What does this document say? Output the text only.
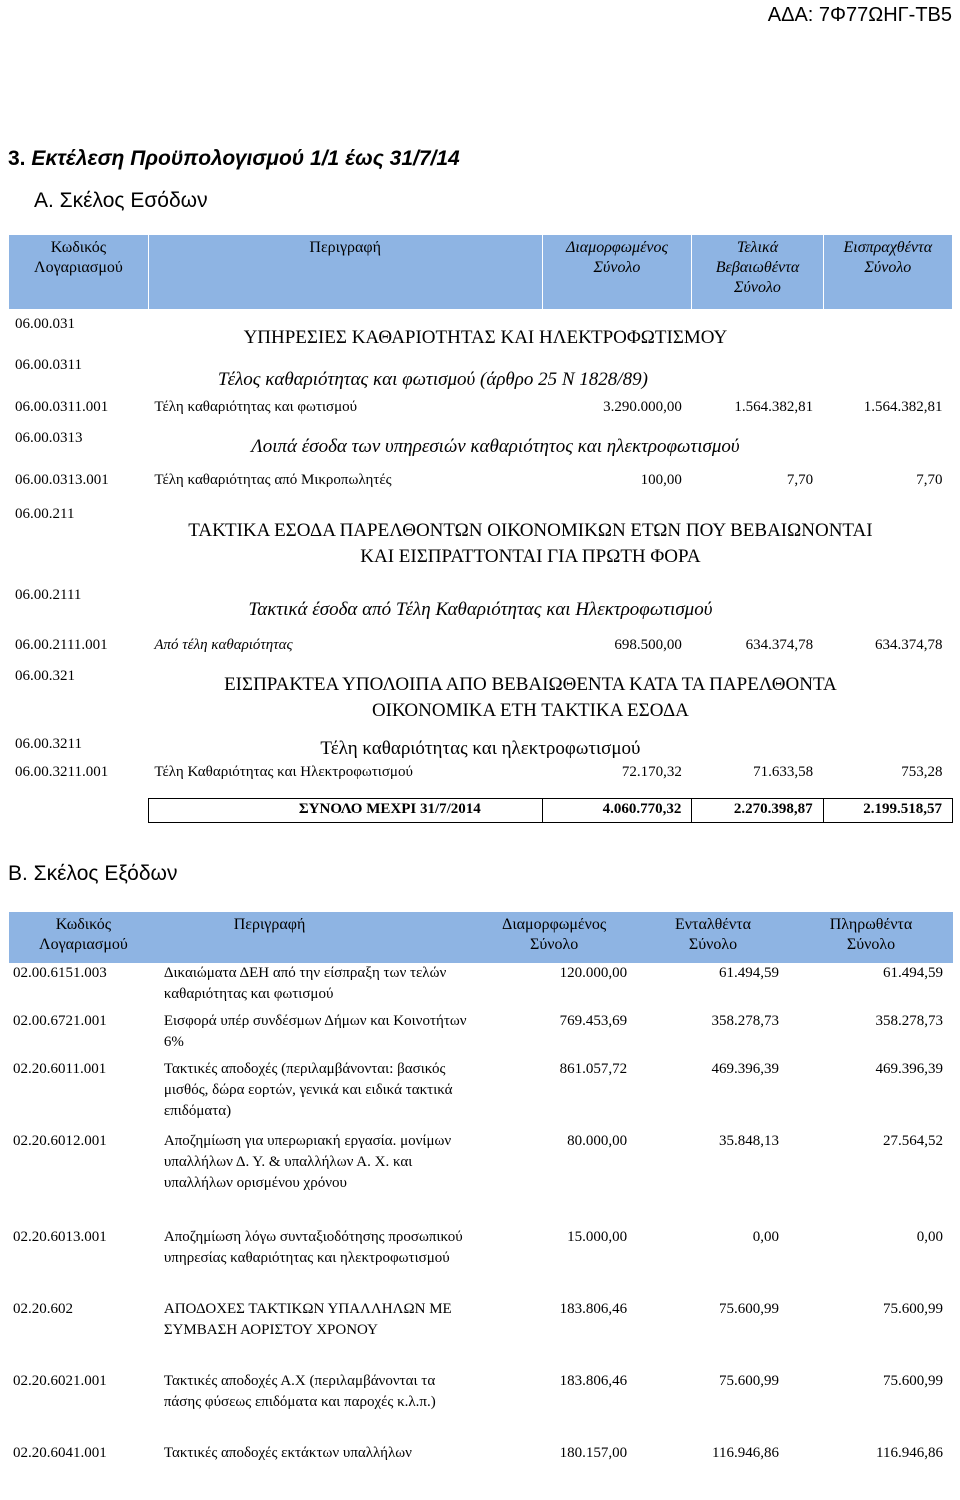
ΑΔΑ: 7Φ77ΩΗΓ-ΤΒ5
3. Εκτέλεση Προϋπολογισμού 1/1 έως 31/7/14
Α. Σκέλος Εσόδων
Κωδικός Λογαριασμού	Περιγραφή	Διαμορφωμένος Σύνολο	Τελικά Βεβαιωθέντα Σύνολο	Εισπραχθέντα Σύνολο
06.00.031	ΥΠΗΡΕΣΙΕΣ ΚΑΘΑΡΙΟΤΗΤΑΣ ΚΑΙ ΗΛΕΚΤΡΟΦΩΤΙΣΜΟΥ			
06.00.0311	Τέλος καθαριότητας και φωτισμού (άρθρο 25 Ν 1828/89)			
06.00.0311.001	Τέλη καθαριότητας και φωτισμού	3.290.000,00	1.564.382,81	1.564.382,81
06.00.0313	Λοιπά έσοδα των υπηρεσιών καθαριότητος και ηλεκτροφωτισμού			
06.00.0313.001	Τέλη καθαριότητας από Μικροπωλητές	100,00	7,70	7,70
06.00.211	ΤΑΚΤΙΚΑ ΕΣΟΔΑ ΠΑΡΕΛΘΟΝΤΩΝ ΟΙΚΟΝΟΜΙΚΩΝ ΕΤΩΝ ΠΟΥ ΒΕΒΑΙΩΝΟΝΤΑΙ
ΚΑΙ ΕΙΣΠΡΑΤΤΟΝΤΑΙ ΓΙΑ ΠΡΩΤΗ ΦΟΡΑ			

06.00.2111	Τακτικά έσοδα από Τέλη Καθαριότητας και Ηλεκτροφωτισμού			
06.00.2111.001	Από τέλη καθαριότητας	698.500,00	634.374,78	634.374,78
06.00.321	ΕΙΣΠΡΑΚΤΕΑ ΥΠΟΛΟΙΠΑ ΑΠΟ ΒΕΒΑΙΩΘΕΝΤΑ ΚΑΤΑ ΤΑ ΠΑΡΕΛΘΟΝΤΑ
ΟΙΚΟΝΟΜΙΚΑ ΕΤΗ ΤΑΚΤΙΚΑ ΕΣΟΔΑ			

06.00.3211	Τέλη καθαριότητας και ηλεκτροφωτισμού			
06.00.3211.001	Τέλη Καθαριότητας και Ηλεκτροφωτισμού	72.170,32	71.633,58	753,28

	ΣΥΝΟΛΟ ΜΕΧΡΙ 31/7/2014	4.060.770,32	2.270.398,87	2.199.518,57
Β. Σκέλος Εξόδων
Κωδικός Λογαριασμού	Περιγραφή	Διαμορφωμένος Σύνολο	Ενταλθέντα Σύνολο	Πληρωθέντα Σύνολο
02.00.6151.003	Δικαιώματα ΔΕΗ από την είσπραξη των τελών καθαριότητας και φωτισμού	120.000,00	61.494,59	61.494,59
02.00.6721.001	Εισφορά υπέρ συνδέσμων Δήμων και Κοινοτήτων 6%	769.453,69	358.278,73	358.278,73
02.20.6011.001	Τακτικές αποδοχές (περιλαμβάνονται: βασικός μισθός, δώρα εορτών, γενικά και ειδικά τακτικά επιδόματα)	861.057,72	469.396,39	469.396,39
02.20.6012.001	Αποζημίωση για υπερωριακή εργασία. μονίμων υπαλλήλων Δ. Υ. & υπαλλήλων Α. Χ. και υπαλλήλων ορισμένου χρόνου	80.000,00	35.848,13	27.564,52
02.20.6013.001	Αποζημίωση λόγω συνταξιοδότησης προσωπικού υπηρεσίας καθαριότητας και ηλεκτροφωτισμού	15.000,00	0,00	0,00
02.20.602	ΑΠΟΔΟΧΕΣ ΤΑΚΤΙΚΩΝ ΥΠΑΛΛΗΛΩΝ ΜΕ ΣΥΜΒΑΣΗ ΑΟΡΙΣΤΟΥ ΧΡΟΝΟΥ	183.806,46	75.600,99	75.600,99
02.20.6021.001	Τακτικές αποδοχές Α.Χ (περιλαμβάνονται τα πάσης φύσεως επιδόματα και παροχές κ.λ.π.)	183.806,46	75.600,99	75.600,99
02.20.6041.001	Τακτικές αποδοχές εκτάκτων υπαλλήλων	180.157,00	116.946,86	116.946,86
